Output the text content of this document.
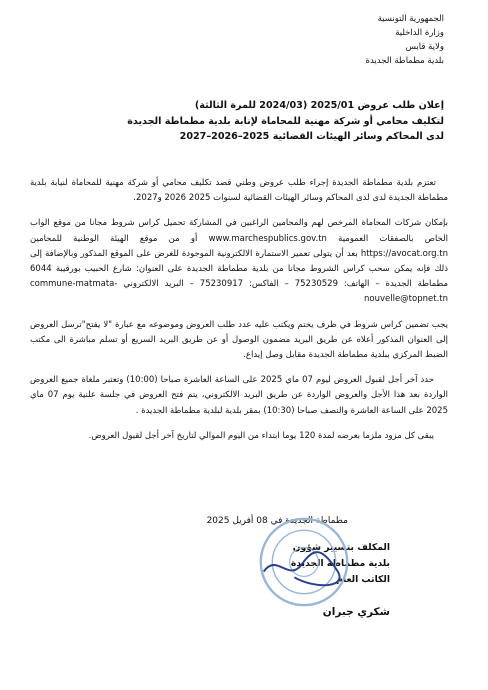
الجمهورية التونسية
وزارة الداخلية
ولاية قابس
بلدية مطماطة الجديدة
إعلان طلب عروض 2025/01 (2024/03 للمرة الثالثة)
لتكليف محامي أو شركة مهنية للمحاماة لإنابة بلدية مطماطة الجديدة
لدى المحاكم وسائر الهيئات القضائية 2025–2026–2027
تعتزم بلدية مطماطة الجديدة إجراء طلب عروض وطني قصد تكليف محامي أو شركة مهنية للمحاماة لنيابة بلدية مطماطة الجديدة لدى لدى المحاكم وسائر الهيئات القضائية لسنوات 2025 2026 و2027.
بإمكان شركات المحاماة المرخص لهم والمحامين الراغبين في المشاركة تحميل كراس شروط مجانا من موقع الواب الخاص بالصفقات العمومية www.marchespublics.gov.tn أو من موقع الهيئة الوطنية للمحامين https://avocat.org.tn بعد أن يتولى تعمير الاستمارة الالكترونية الموجودة للغرض على الموقع المذكور وبالإضافة إلى ذلك فإنه يمكن سحب كراس الشروط مجانا من بلدية مطماطة الجديدة على العنوان: شارع الحبيب بورقيبة 6044 مطماطة الجديدة – الهاتف: 75230529 – الفاكس: 75230917 – البريد الالكتروني commune-matmata-nouvelle@topnet.tn
يجب تضمين كراس شروط في ظرف يختم ويكتب عليه عدد طلب العروض وموضوعه مع عبارة "لا يفتح"ترسل العروض إلى العنوان المذكور أعلاه عن طريق البريد مضمون الوصول أو عن طريق البريد السريع أو تسلم مباشرة الى مكتب الضبط المركزي ببلدية مطماطة الجديدة مقابل وصل إيداع.
حدد آخر أجل لقبول العروض ليوم 07 ماي 2025 على الساعة العاشرة صباحا (10:00) وتعتبر ملغاة جميع العروض الواردة بعد هذا الأجل والعروض الواردة عن طريق البريد الالكتروني، يتم فتح العروض في جلسة علنية يوم 07 ماي 2025 على الساعة العاشرة والنصف صباحا (10:30) بمقر بلدية لبلدية مطماطة الجديدة .
يبقى كل مزود ملزما بعرضه لمدة 120 يوما ابتداء من اليوم الموالي لتاريخ آخر أجل لقبول العروض.
مطماطة الجديدة في 08 أفريل 2025
المكلف بتسيير شؤون
بلدية مطماطة الجديدة
الكاتب العام
شكري جبران
